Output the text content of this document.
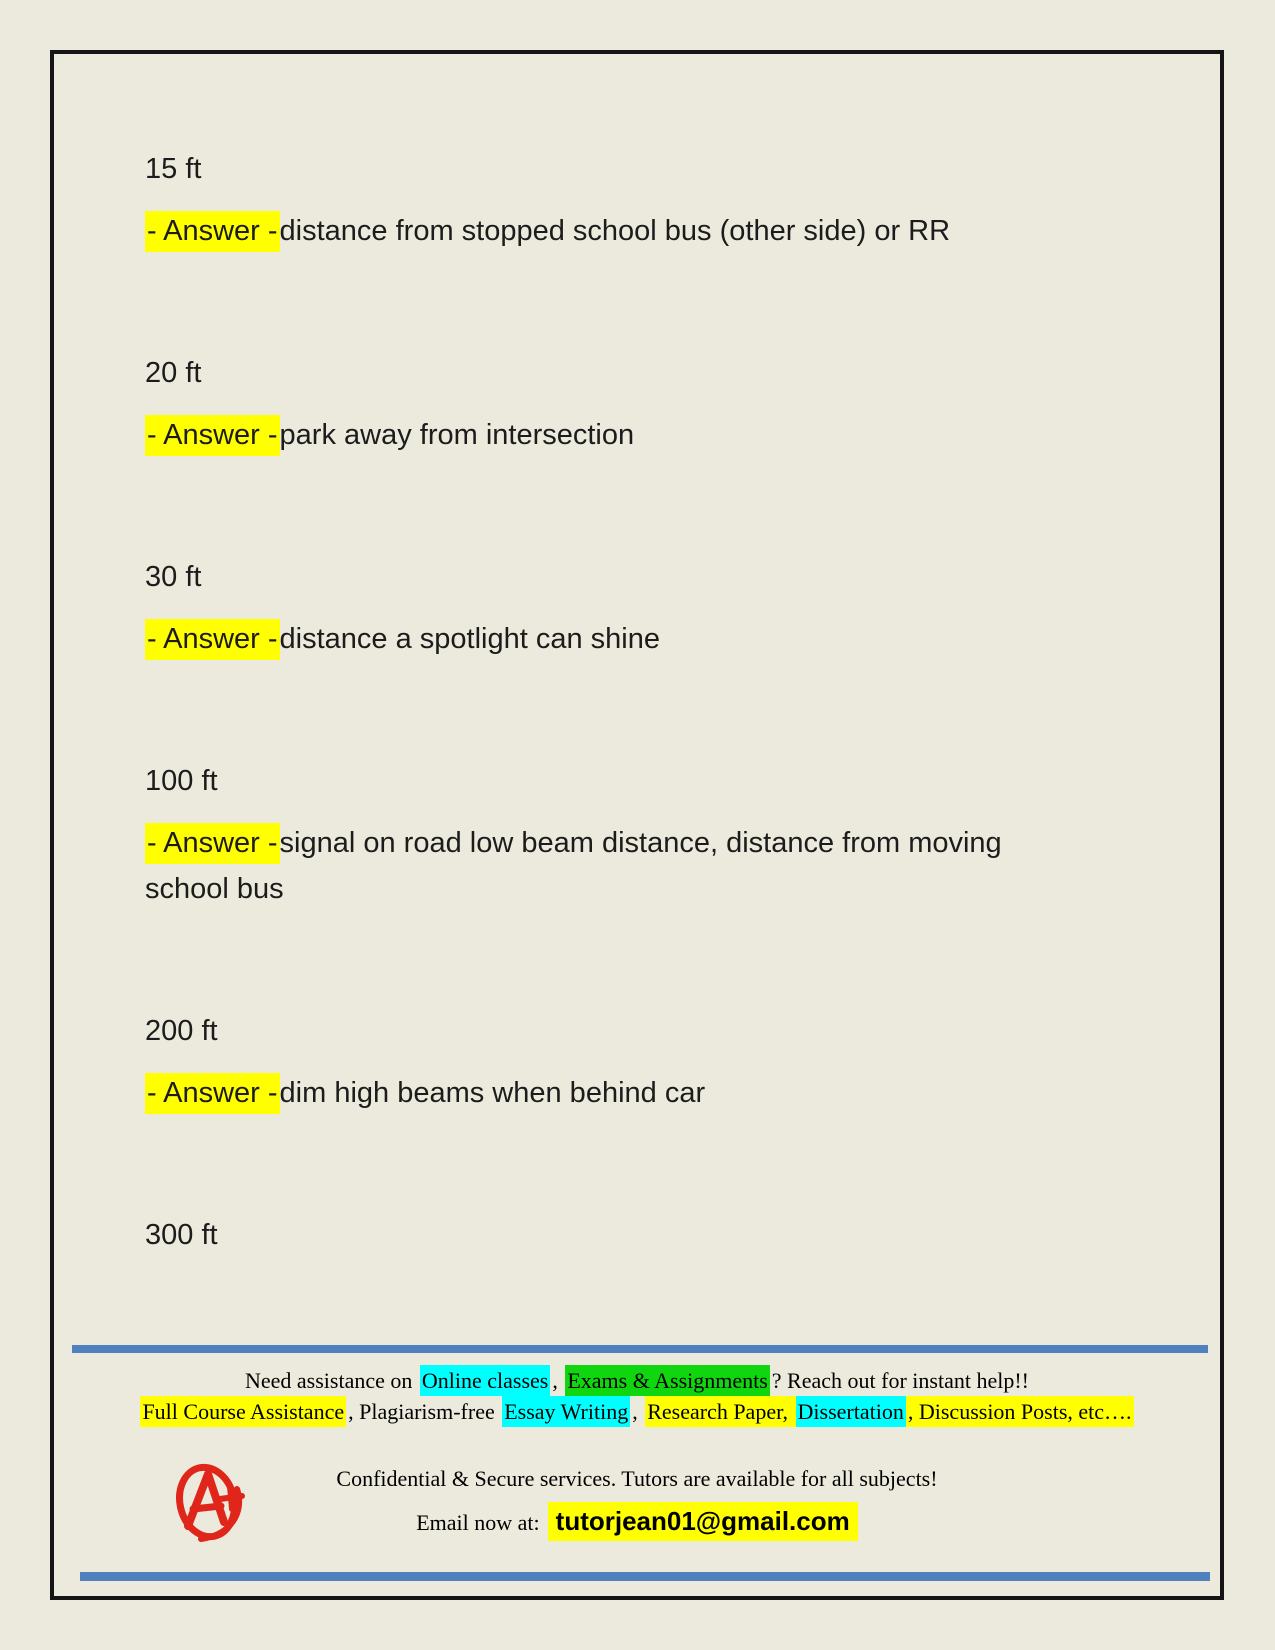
15 ft

- Answer -distance from stopped school bus (other side) or RR

20 ft

- Answer -park away from intersection

30 ft

- Answer -distance a spotlight can shine

100 ft

- Answer -signal on road low beam distance, distance from moving school bus

200 ft

- Answer -dim high beams when behind car

300 ft
Need assistance on Online classes , Exams & Assignments ? Reach out for instant help!!
Full Course Assistance , Plagiarism-free Essay Writing , Research Paper, Dissertation , Discussion Posts, etc….
Confidential & Secure services. Tutors are available for all subjects!
Email now at: tutorjean01@gmail.com
